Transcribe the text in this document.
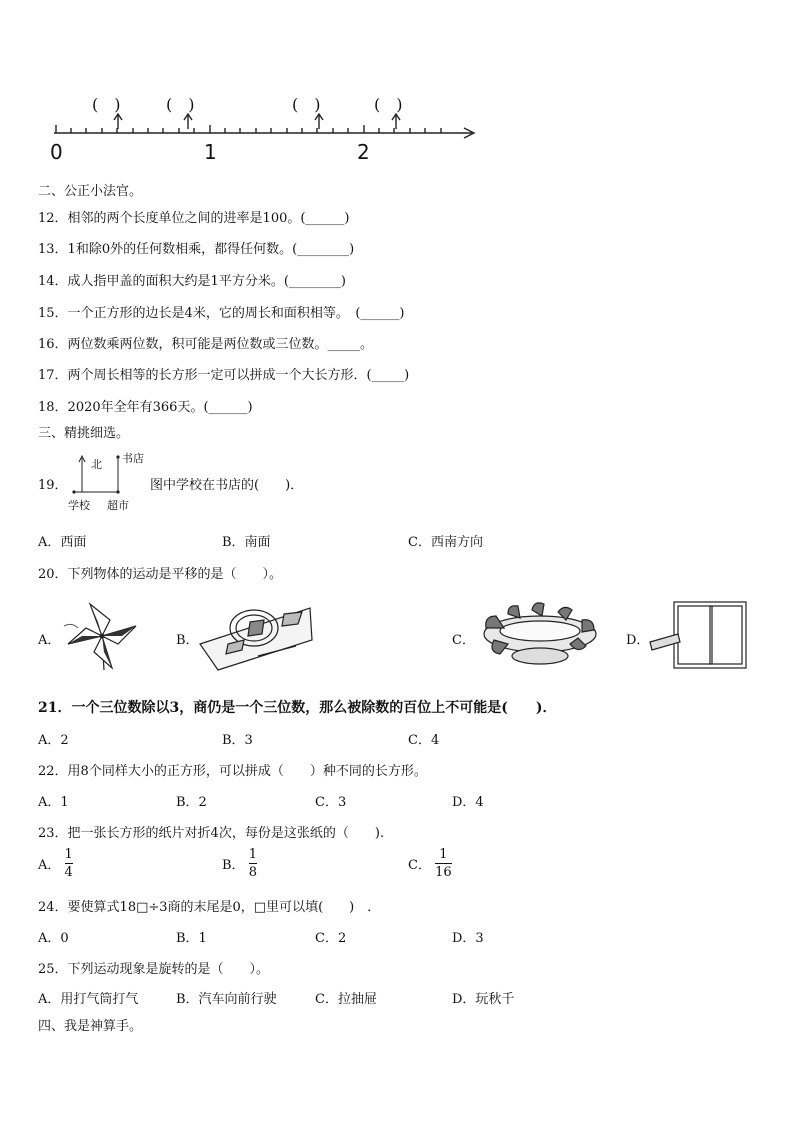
(　)	(　)	(　)	(　)
0	1	2
二、公正小法官。
12．相邻的两个长度单位之间的进率是100。(______)
13．1和除0外的任何数相乘，都得任何数。(________)
14．成人指甲盖的面积大约是1平方分米。(________)
15．一个正方形的边长是4米，它的周长和面积相等。　(______)
16．两位数乘两位数，积可能是两位数或三位数。_____。
17．两个周长相等的长方形一定可以拼成一个大长方形．(_____)
18．2020年全年有366天。(______)
三、精挑细选。
19．
北 书店
学校 超市
图中学校在书店的(　　)．
A．西面	B．南面	C．西南方向
20．下列物体的运动是平移的是（　　）。
A．	B．	C．	D．
21．一个三位数除以3，商仍是一个三位数，那么被除数的百位上不可能是(　　)．
A．2	B．3	C．4
22．用8个同样大小的正方形，可以拼成（　　）种不同的长方形。
A．1	B．2	C．3	D．4
23．把一张长方形的纸片对折4次，每份是这张纸的（　　).
A． $\frac{1}{4}$	B． $\frac{1}{8}$	C． $\frac{1}{16}$
24．要使算式18□÷3商的末尾是0，□里可以填(　　)　．
A．0	B．1	C．2	D．3
25．下列运动现象是旋转的是（　　）。
A．用打气筒打气	B．汽车向前行驶	C．拉抽屉	D．玩秋千
四、我是神算手。
